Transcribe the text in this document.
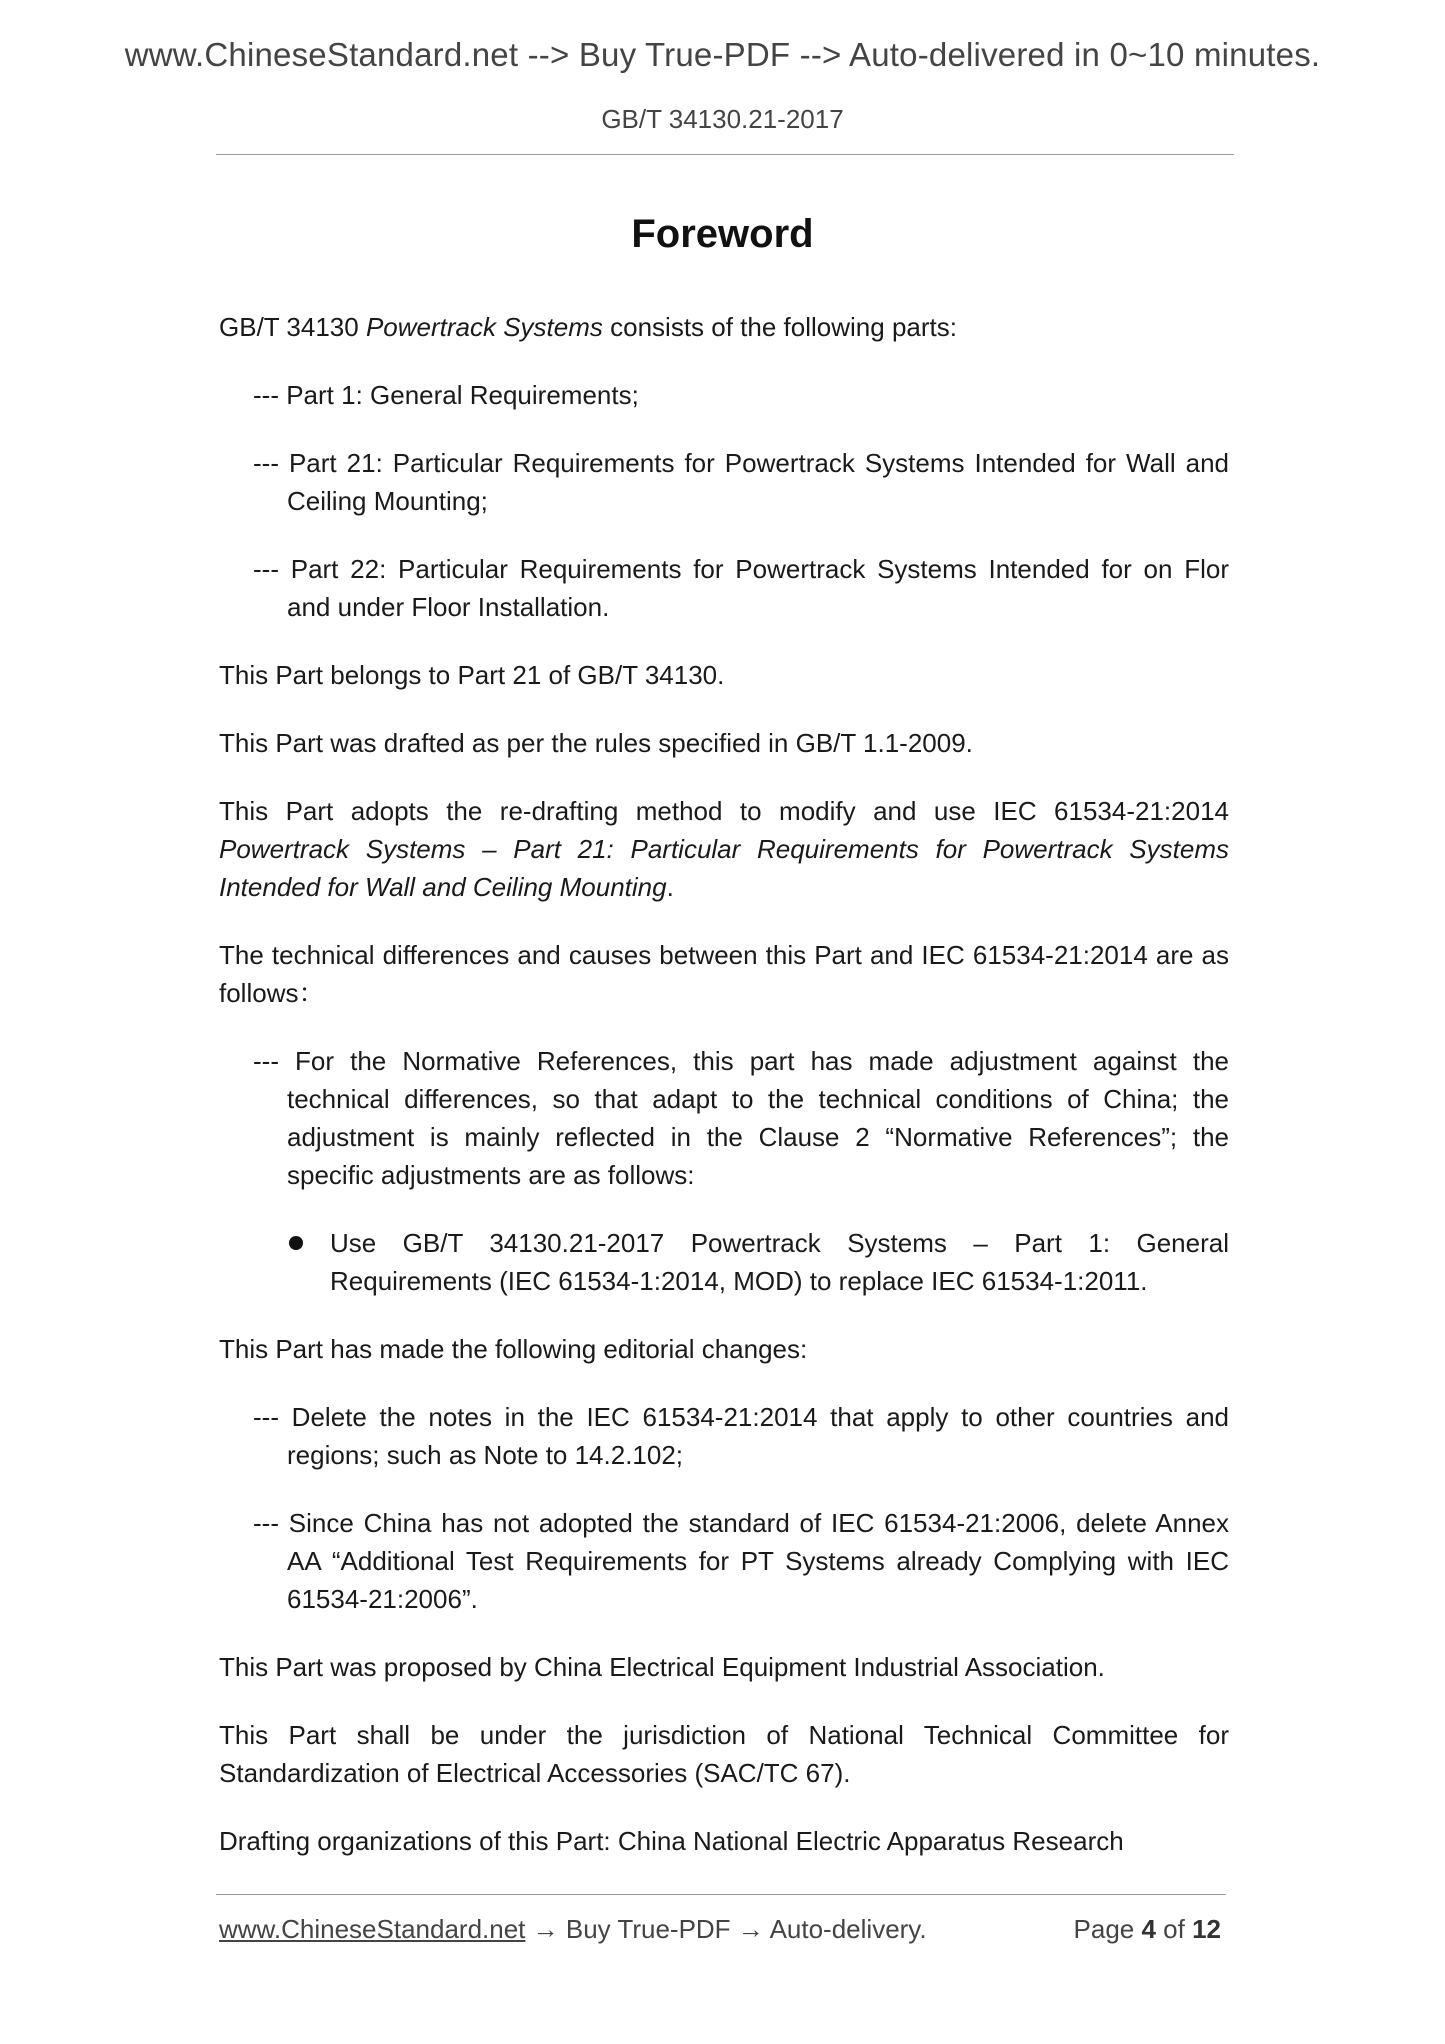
www.ChineseStandard.net --> Buy True-PDF --> Auto-delivered in 0~10 minutes.
GB/T 34130.21-2017
Foreword

GB/T 34130 Powertrack Systems consists of the following parts:

--- Part 1: General Requirements;

--- Part 21: Particular Requirements for Powertrack Systems Intended for Wall and Ceiling Mounting;

--- Part 22: Particular Requirements for Powertrack Systems Intended for on Flor and under Floor Installation.

This Part belongs to Part 21 of GB/T 34130.

This Part was drafted as per the rules specified in GB/T 1.1-2009.

This Part adopts the re-drafting method to modify and use IEC 61534-21:2014 Powertrack Systems – Part 21: Particular Requirements for Powertrack Systems Intended for Wall and Ceiling Mounting.

The technical differences and causes between this Part and IEC 61534-21:2014 are as follows：

--- For the Normative References, this part has made adjustment against the technical differences, so that adapt to the technical conditions of China; the adjustment is mainly reflected in the Clause 2 “Normative References”; the specific adjustments are as follows:

Use GB/T 34130.21-2017 Powertrack Systems – Part 1: General Requirements (IEC 61534-1:2014, MOD) to replace IEC 61534-1:2011.

This Part has made the following editorial changes:

--- Delete the notes in the IEC 61534-21:2014 that apply to other countries and regions; such as Note to 14.2.102;

--- Since China has not adopted the standard of IEC 61534-21:2006, delete Annex AA “Additional Test Requirements for PT Systems already Complying with IEC 61534-21:2006”.

This Part was proposed by China Electrical Equipment Industrial Association.

This Part shall be under the jurisdiction of National Technical Committee for Standardization of Electrical Accessories (SAC/TC 67).

Drafting organizations of this Part: China National Electric Apparatus Research

www.ChineseStandard.net → Buy True-PDF → Auto-delivery.	Page 4 of 12
